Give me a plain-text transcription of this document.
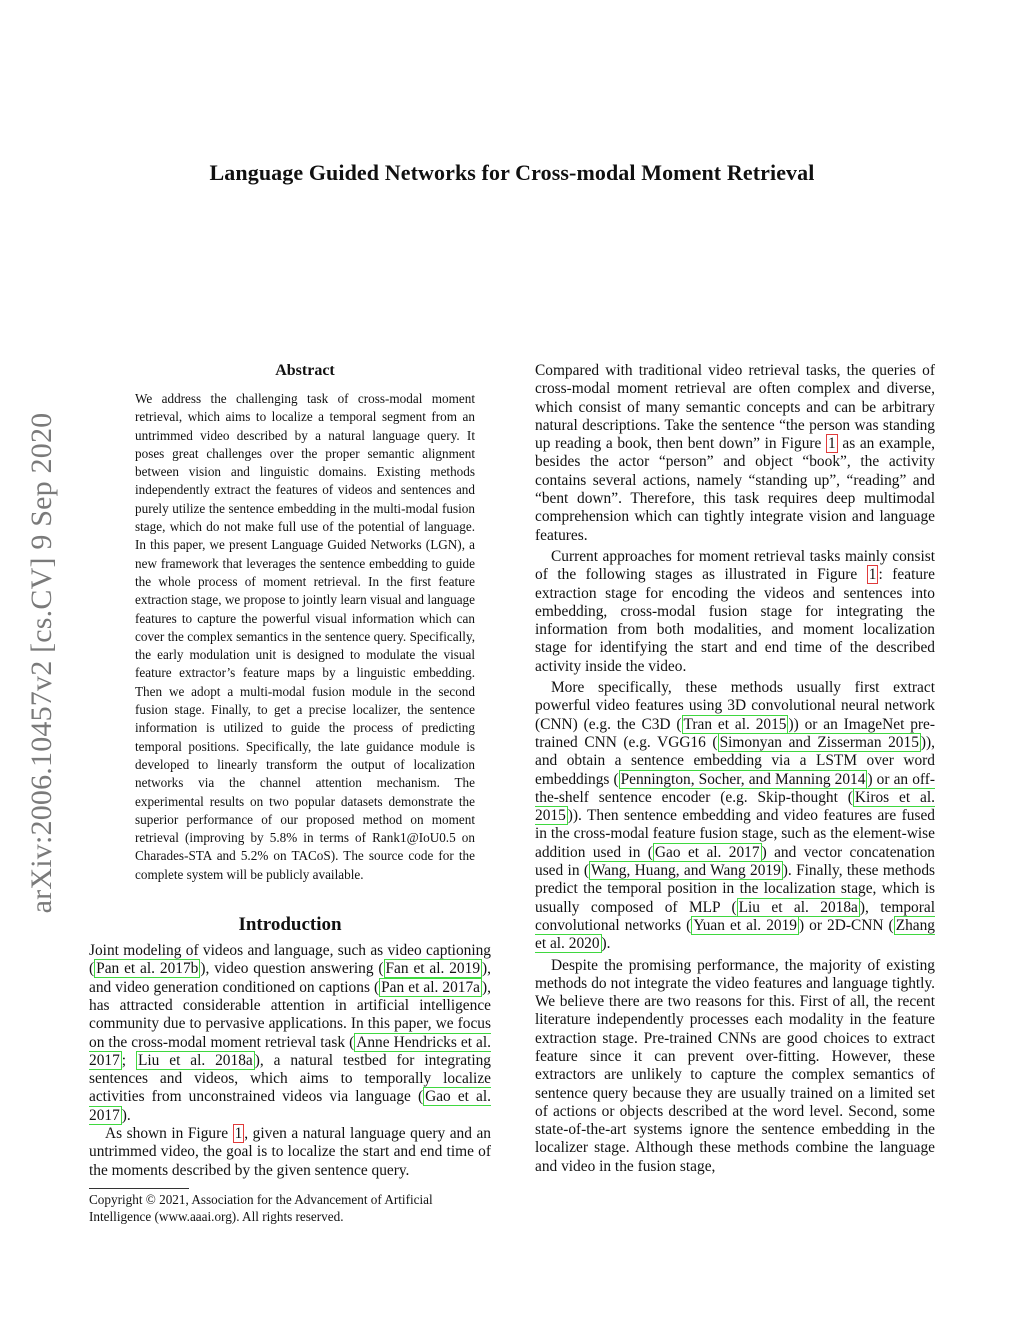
Language Guided Networks for Cross-modal Moment Retrieval
arXiv:2006.10457v2 [cs.CV] 9 Sep 2020
Abstract

We address the challenging task of cross-modal moment retrieval, which aims to localize a temporal segment from an untrimmed video described by a natural language query. It poses great challenges over the proper semantic alignment between vision and linguistic domains. Existing methods independently extract the features of videos and sentences and purely utilize the sentence embedding in the multi-modal fusion stage, which do not make full use of the potential of language. In this paper, we present Language Guided Networks (LGN), a new framework that leverages the sentence embedding to guide the whole process of moment retrieval. In the first feature extraction stage, we propose to jointly learn visual and language features to capture the powerful visual information which can cover the complex semantics in the sentence query. Specifically, the early modulation unit is designed to modulate the visual feature extractor’s feature maps by a linguistic embedding. Then we adopt a multi-modal fusion module in the second fusion stage. Finally, to get a precise localizer, the sentence information is utilized to guide the process of predicting temporal positions. Specifically, the late guidance module is developed to linearly transform the output of localization networks via the channel attention mechanism. The experimental results on two popular datasets demonstrate the superior performance of our proposed method on moment retrieval (improving by 5.8% in terms of Rank1@IoU0.5 on Charades-STA and 5.2% on TACoS). The source code for the complete system will be publicly available.

Introduction

Joint modeling of videos and language, such as video captioning ( Pan et al. 2017b ), video question answering ( Fan et al. 2019 ), and video generation conditioned on captions ( Pan et al. 2017a ), has attracted considerable attention in artificial intelligence community due to pervasive applications. In this paper, we focus on the cross-modal moment retrieval task ( Anne Hendricks et al. 2017 ; Liu et al. 2018a ), a natural testbed for integrating sentences and videos, which aims to temporally localize activities from unconstrained videos via language ( Gao et al. 2017 ).

As shown in Figure 1 , given a natural language query and an untrimmed video, the goal is to localize the start and end time of the moments described by the given sentence query.

Copyright © 2021, Association for the Advancement of Artificial Intelligence (www.aaai.org). All rights reserved.

Compared with traditional video retrieval tasks, the queries of cross-modal moment retrieval are often complex and diverse, which consist of many semantic concepts and can be arbitrary natural descriptions. Take the sentence “the person was standing up reading a book, then bent down” in Figure 1 as an example, besides the actor “person” and object “book”, the activity contains several actions, namely “standing up”, “reading” and “bent down”. Therefore, this task requires deep multimodal comprehension which can tightly integrate vision and language features.

Current approaches for moment retrieval tasks mainly consist of the following stages as illustrated in Figure 1 : feature extraction stage for encoding the videos and sentences into embedding, cross-modal fusion stage for integrating the information from both modalities, and moment localization stage for identifying the start and end time of the described activity inside the video.

More specifically, these methods usually first extract powerful video features using 3D convolutional neural network (CNN) (e.g. the C3D ( Tran et al. 2015 )) or an ImageNet pre-trained CNN (e.g. VGG16 ( Simonyan and Zisserman 2015 )), and obtain a sentence embedding via a LSTM over word embeddings ( Pennington, Socher, and Manning 2014 ) or an off-the-shelf sentence encoder (e.g. Skip-thought ( Kiros et al. 2015 )). Then sentence embedding and video features are fused in the cross-modal feature fusion stage, such as the element-wise addition used in ( Gao et al. 2017 ) and vector concatenation used in ( Wang, Huang, and Wang 2019 ). Finally, these methods predict the temporal position in the localization stage, which is usually composed of MLP ( Liu et al. 2018a ), temporal convolutional networks ( Yuan et al. 2019 ) or 2D-CNN ( Zhang et al. 2020 ).

Despite the promising performance, the majority of existing methods do not integrate the video features and language tightly. We believe there are two reasons for this. First of all, the recent literature independently processes each modality in the feature extraction stage. Pre-trained CNNs are good choices to extract feature since it can prevent over-fitting. However, these extractors are unlikely to capture the complex semantics of sentence query because they are usually trained on a limited set of actions or objects described at the word level. Second, some state-of-the-art systems ignore the sentence embedding in the localizer stage. Although these methods combine the language and video in the fusion stage,
